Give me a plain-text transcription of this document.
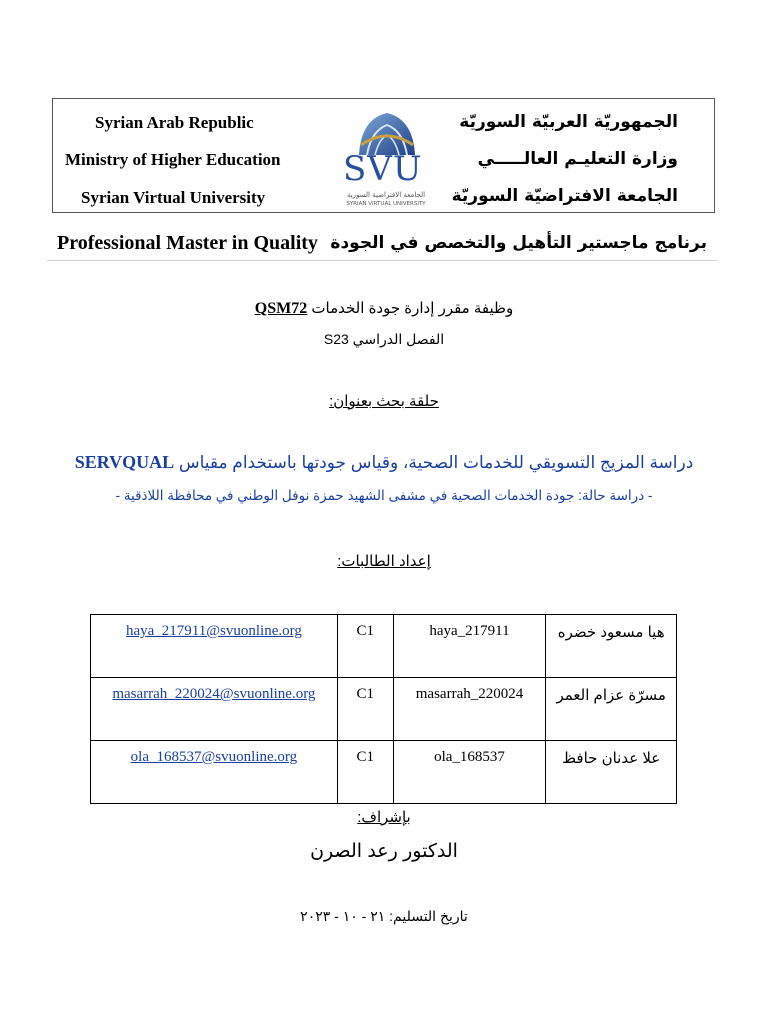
Syrian Arab Republic
Ministry of Higher Education
Syrian Virtual University
الجمهوريّة العربيّة السوريّة
وزارة التعليـم العالـــــي
الجامعة الافتراضيّة السوريّة
SVU
الجامعة الافتراضية السورية
SYRIAN VIRTUAL UNIVERSITY
Professional Master in Quality برنامج ماجستير التأهيل والتخصص في الجودة
وظيفة مقرر إدارة جودة الخدمات QSM72
الفصل الدراسي S23
حلقة بحث بعنوان:
دراسة المزيج التسويقي للخدمات الصحية، وقياس جودتها باستخدام مقياس SERVQUAL
- دراسة حالة: جودة الخدمات الصحية في مشفى الشهيد حمزة نوفل الوطني في محافظة اللاذقية -
إعداد الطالبات:
haya_217911@svuonline.org	C1	haya_217911	هيا مسعود خضره
masarrah_220024@svuonline.org	C1	masarrah_220024	مسرّة عزام العمر
ola_168537@svuonline.org	C1	ola_168537	علا عدنان حافظ
بإشراف:
الدكتور رعد الصرن
تاريخ التسليم: ٢١ - ١٠ - ٢٠٢٣
